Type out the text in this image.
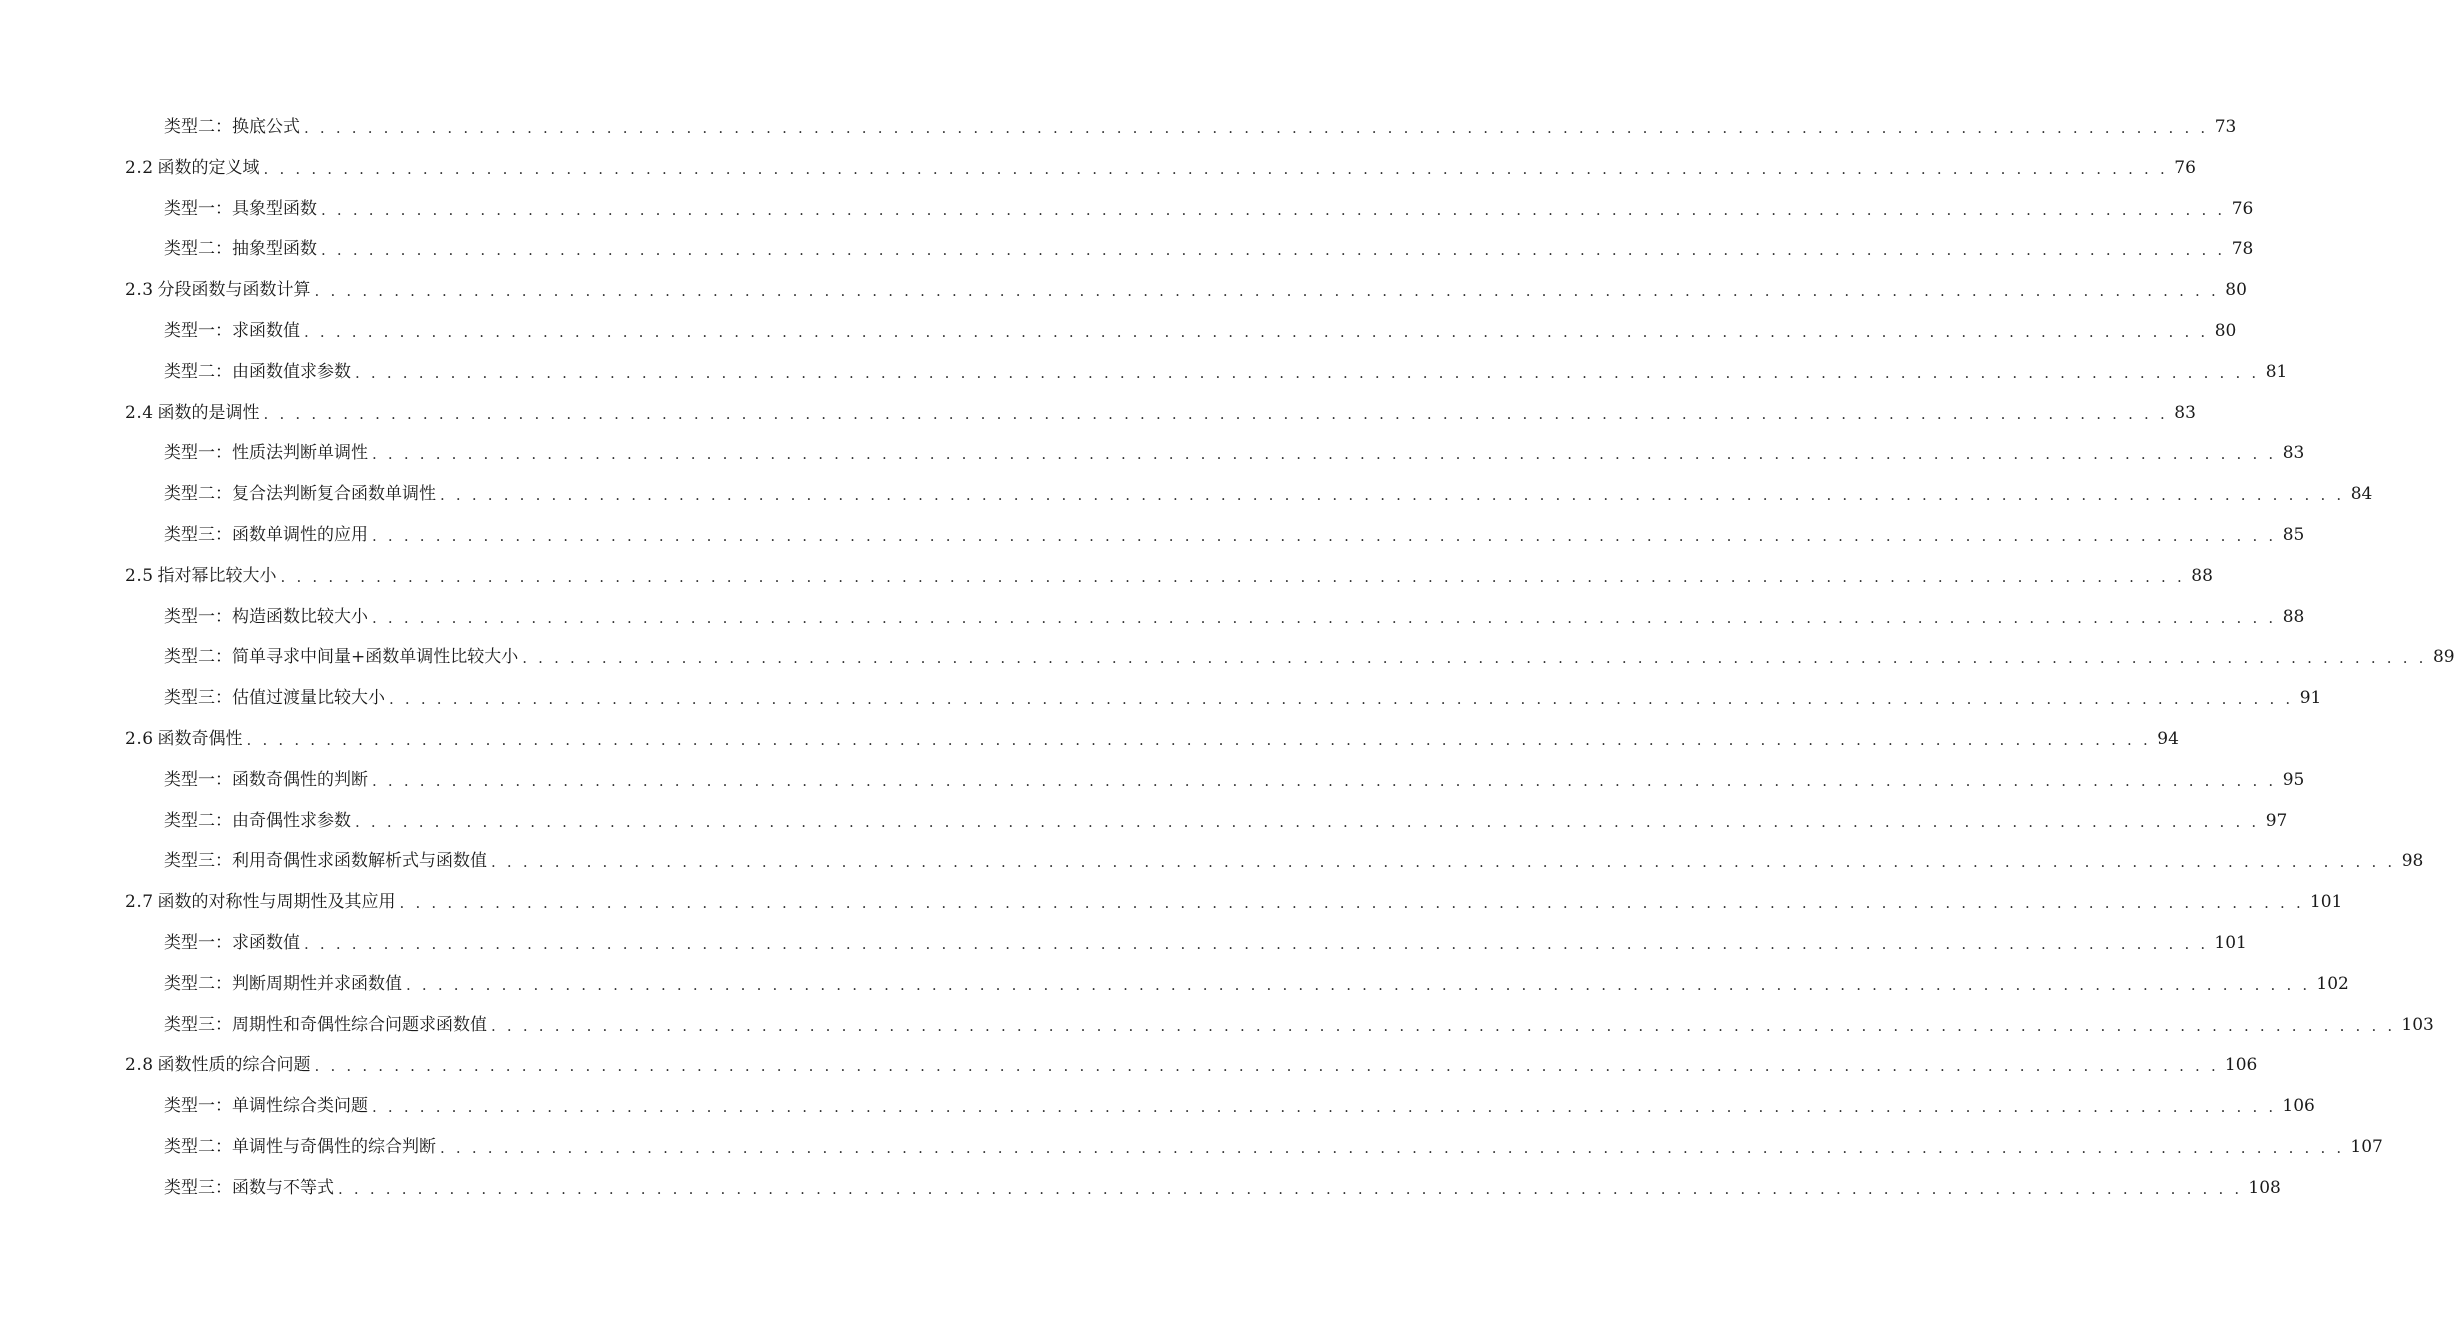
类型二：换底公式 . . . . . . . . . . . . . . . . . . . . . . . . . . . . . . . . . . . . . . . . . . . . . . . . . . . . . . . . . . . . . . . . . . . . . . . . . . . . . . . . . . . . . . . . . . . . . . . . . . . . . . . . . . . . . . . . . . . . . . . . 73
2.2 函数的定义域 . . . . . . . . . . . . . . . . . . . . . . . . . . . . . . . . . . . . . . . . . . . . . . . . . . . . . . . . . . . . . . . . . . . . . . . . . . . . . . . . . . . . . . . . . . . . . . . . . . . . . . . . . . . . . . . . . . . . . . . . 76
类型一：具象型函数 . . . . . . . . . . . . . . . . . . . . . . . . . . . . . . . . . . . . . . . . . . . . . . . . . . . . . . . . . . . . . . . . . . . . . . . . . . . . . . . . . . . . . . . . . . . . . . . . . . . . . . . . . . . . . . . . . . . . . . . . 76
类型二：抽象型函数 . . . . . . . . . . . . . . . . . . . . . . . . . . . . . . . . . . . . . . . . . . . . . . . . . . . . . . . . . . . . . . . . . . . . . . . . . . . . . . . . . . . . . . . . . . . . . . . . . . . . . . . . . . . . . . . . . . . . . . . . 78
2.3 分段函数与函数计算 . . . . . . . . . . . . . . . . . . . . . . . . . . . . . . . . . . . . . . . . . . . . . . . . . . . . . . . . . . . . . . . . . . . . . . . . . . . . . . . . . . . . . . . . . . . . . . . . . . . . . . . . . . . . . . . . . . . . . . . . 80
类型一：求函数值 . . . . . . . . . . . . . . . . . . . . . . . . . . . . . . . . . . . . . . . . . . . . . . . . . . . . . . . . . . . . . . . . . . . . . . . . . . . . . . . . . . . . . . . . . . . . . . . . . . . . . . . . . . . . . . . . . . . . . . . . 80
类型二：由函数值求参数 . . . . . . . . . . . . . . . . . . . . . . . . . . . . . . . . . . . . . . . . . . . . . . . . . . . . . . . . . . . . . . . . . . . . . . . . . . . . . . . . . . . . . . . . . . . . . . . . . . . . . . . . . . . . . . . . . . . . . . . . 81
2.4 函数的是调性 . . . . . . . . . . . . . . . . . . . . . . . . . . . . . . . . . . . . . . . . . . . . . . . . . . . . . . . . . . . . . . . . . . . . . . . . . . . . . . . . . . . . . . . . . . . . . . . . . . . . . . . . . . . . . . . . . . . . . . . . 83
类型一：性质法判断单调性 . . . . . . . . . . . . . . . . . . . . . . . . . . . . . . . . . . . . . . . . . . . . . . . . . . . . . . . . . . . . . . . . . . . . . . . . . . . . . . . . . . . . . . . . . . . . . . . . . . . . . . . . . . . . . . . . . . . . . . . . 83
类型二：复合法判断复合函数单调性 . . . . . . . . . . . . . . . . . . . . . . . . . . . . . . . . . . . . . . . . . . . . . . . . . . . . . . . . . . . . . . . . . . . . . . . . . . . . . . . . . . . . . . . . . . . . . . . . . . . . . . . . . . . . . . . . . . . . . . . . 84
类型三：函数单调性的应用 . . . . . . . . . . . . . . . . . . . . . . . . . . . . . . . . . . . . . . . . . . . . . . . . . . . . . . . . . . . . . . . . . . . . . . . . . . . . . . . . . . . . . . . . . . . . . . . . . . . . . . . . . . . . . . . . . . . . . . . . 85
2.5 指对幂比较大小 . . . . . . . . . . . . . . . . . . . . . . . . . . . . . . . . . . . . . . . . . . . . . . . . . . . . . . . . . . . . . . . . . . . . . . . . . . . . . . . . . . . . . . . . . . . . . . . . . . . . . . . . . . . . . . . . . . . . . . . . 88
类型一：构造函数比较大小 . . . . . . . . . . . . . . . . . . . . . . . . . . . . . . . . . . . . . . . . . . . . . . . . . . . . . . . . . . . . . . . . . . . . . . . . . . . . . . . . . . . . . . . . . . . . . . . . . . . . . . . . . . . . . . . . . . . . . . . . 88
类型二：简单寻求中间量+函数单调性比较大小 . . . . . . . . . . . . . . . . . . . . . . . . . . . . . . . . . . . . . . . . . . . . . . . . . . . . . . . . . . . . . . . . . . . . . . . . . . . . . . . . . . . . . . . . . . . . . . . . . . . . . . . . . . . . . . . . . . . . . . . . 89
类型三：估值过渡量比较大小 . . . . . . . . . . . . . . . . . . . . . . . . . . . . . . . . . . . . . . . . . . . . . . . . . . . . . . . . . . . . . . . . . . . . . . . . . . . . . . . . . . . . . . . . . . . . . . . . . . . . . . . . . . . . . . . . . . . . . . . . 91
2.6 函数奇偶性 . . . . . . . . . . . . . . . . . . . . . . . . . . . . . . . . . . . . . . . . . . . . . . . . . . . . . . . . . . . . . . . . . . . . . . . . . . . . . . . . . . . . . . . . . . . . . . . . . . . . . . . . . . . . . . . . . . . . . . . . 94
类型一：函数奇偶性的判断 . . . . . . . . . . . . . . . . . . . . . . . . . . . . . . . . . . . . . . . . . . . . . . . . . . . . . . . . . . . . . . . . . . . . . . . . . . . . . . . . . . . . . . . . . . . . . . . . . . . . . . . . . . . . . . . . . . . . . . . . 95
类型二：由奇偶性求参数 . . . . . . . . . . . . . . . . . . . . . . . . . . . . . . . . . . . . . . . . . . . . . . . . . . . . . . . . . . . . . . . . . . . . . . . . . . . . . . . . . . . . . . . . . . . . . . . . . . . . . . . . . . . . . . . . . . . . . . . . 97
类型三：利用奇偶性求函数解析式与函数值 . . . . . . . . . . . . . . . . . . . . . . . . . . . . . . . . . . . . . . . . . . . . . . . . . . . . . . . . . . . . . . . . . . . . . . . . . . . . . . . . . . . . . . . . . . . . . . . . . . . . . . . . . . . . . . . . . . . . . . . . 98
2.7 函数的对称性与周期性及其应用 . . . . . . . . . . . . . . . . . . . . . . . . . . . . . . . . . . . . . . . . . . . . . . . . . . . . . . . . . . . . . . . . . . . . . . . . . . . . . . . . . . . . . . . . . . . . . . . . . . . . . . . . . . . . . . . . . . . . . . . . 101
类型一：求函数值 . . . . . . . . . . . . . . . . . . . . . . . . . . . . . . . . . . . . . . . . . . . . . . . . . . . . . . . . . . . . . . . . . . . . . . . . . . . . . . . . . . . . . . . . . . . . . . . . . . . . . . . . . . . . . . . . . . . . . . . . 101
类型二：判断周期性并求函数值 . . . . . . . . . . . . . . . . . . . . . . . . . . . . . . . . . . . . . . . . . . . . . . . . . . . . . . . . . . . . . . . . . . . . . . . . . . . . . . . . . . . . . . . . . . . . . . . . . . . . . . . . . . . . . . . . . . . . . . . . 102
类型三：周期性和奇偶性综合问题求函数值 . . . . . . . . . . . . . . . . . . . . . . . . . . . . . . . . . . . . . . . . . . . . . . . . . . . . . . . . . . . . . . . . . . . . . . . . . . . . . . . . . . . . . . . . . . . . . . . . . . . . . . . . . . . . . . . . . . . . . . . . 103
2.8 函数性质的综合问题 . . . . . . . . . . . . . . . . . . . . . . . . . . . . . . . . . . . . . . . . . . . . . . . . . . . . . . . . . . . . . . . . . . . . . . . . . . . . . . . . . . . . . . . . . . . . . . . . . . . . . . . . . . . . . . . . . . . . . . . . 106
类型一：单调性综合类问题 . . . . . . . . . . . . . . . . . . . . . . . . . . . . . . . . . . . . . . . . . . . . . . . . . . . . . . . . . . . . . . . . . . . . . . . . . . . . . . . . . . . . . . . . . . . . . . . . . . . . . . . . . . . . . . . . . . . . . . . . 106
类型二：单调性与奇偶性的综合判断 . . . . . . . . . . . . . . . . . . . . . . . . . . . . . . . . . . . . . . . . . . . . . . . . . . . . . . . . . . . . . . . . . . . . . . . . . . . . . . . . . . . . . . . . . . . . . . . . . . . . . . . . . . . . . . . . . . . . . . . . 107
类型三：函数与不等式 . . . . . . . . . . . . . . . . . . . . . . . . . . . . . . . . . . . . . . . . . . . . . . . . . . . . . . . . . . . . . . . . . . . . . . . . . . . . . . . . . . . . . . . . . . . . . . . . . . . . . . . . . . . . . . . . . . . . . . . . 108
